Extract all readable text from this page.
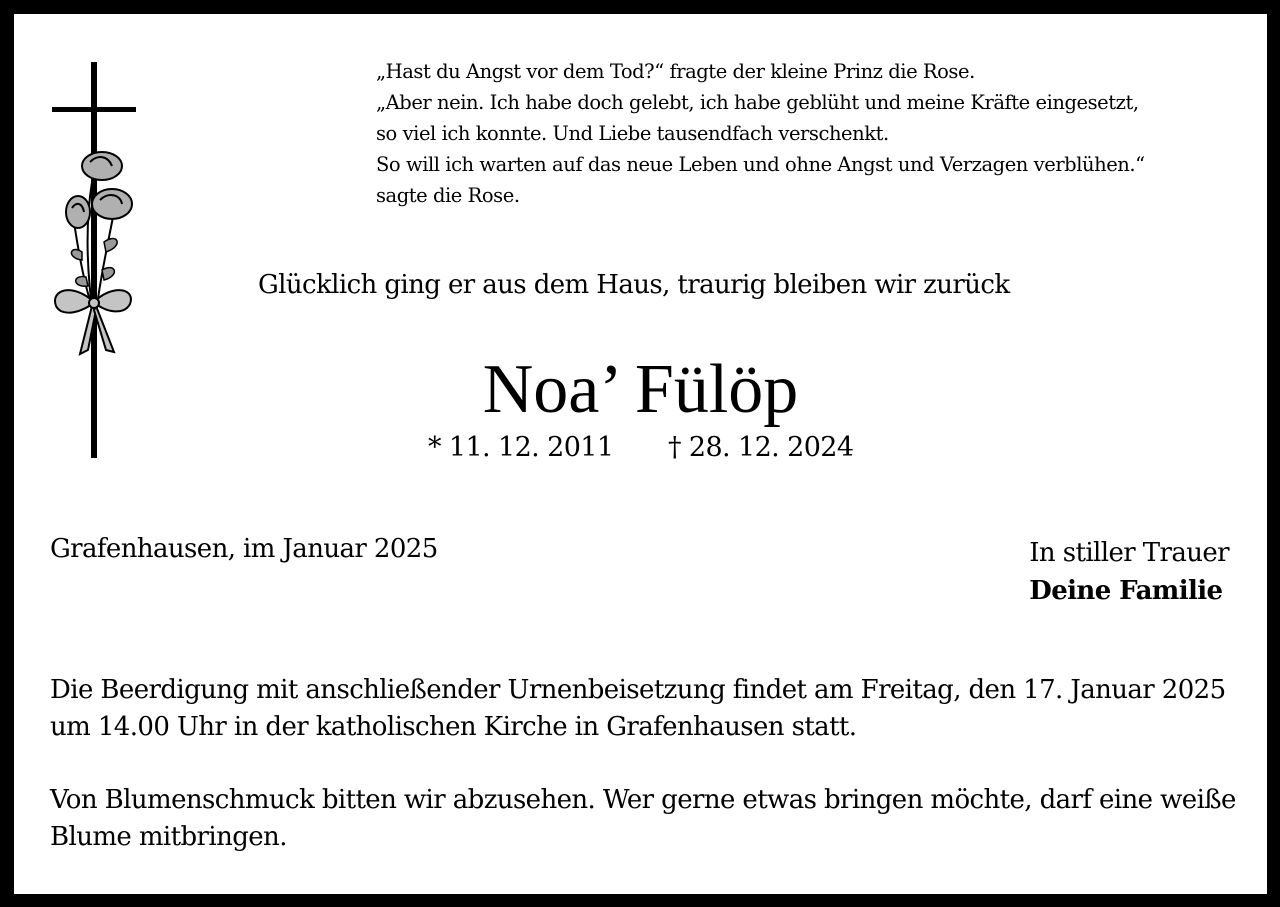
„Hast du Angst vor dem Tod?“ fragte der kleine Prinz die Rose.
„Aber nein. Ich habe doch gelebt, ich habe geblüht und meine Kräfte eingesetzt,
so viel ich konnte. Und Liebe tausendfach verschenkt.
So will ich warten auf das neue Leben und ohne Angst und Verzagen verblühen.“
sagte die Rose.
Glücklich ging er aus dem Haus, traurig bleiben wir zurück
Noa’ Fülöp
* 11. 12. 2011 † 28. 12. 2024
Grafenhausen, im Januar 2025	In stiller Trauer
Deine Familie
Die Beerdigung mit anschließender Urnenbeisetzung findet am Freitag, den 17. Januar 2025 um 14.00 Uhr in der katholischen Kirche in Grafenhausen statt.
Von Blumenschmuck bitten wir abzusehen. Wer gerne etwas bringen möchte, darf eine weiße Blume mitbringen.
